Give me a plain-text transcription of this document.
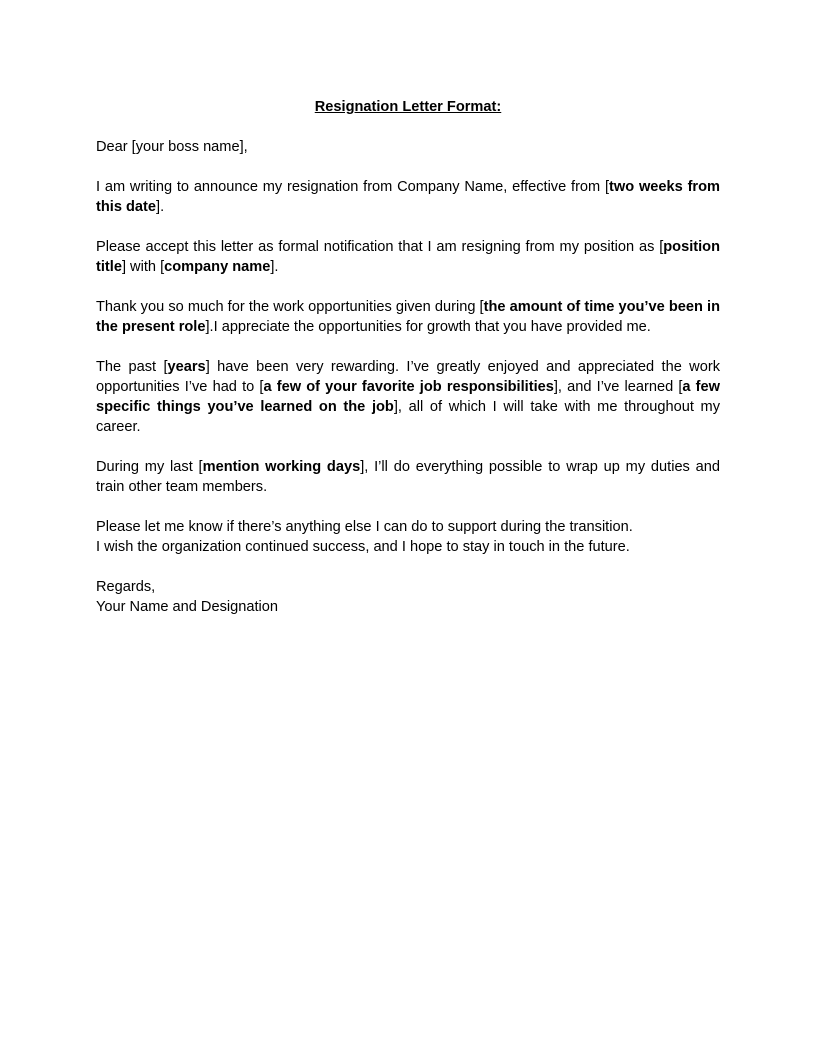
Resignation Letter Format:
Dear [your boss name],
I am writing to announce my resignation from Company Name, effective from [two weeks from this date].
Please accept this letter as formal notification that I am resigning from my position as [position title] with [company name].
Thank you so much for the work opportunities given during [the amount of time you’ve been in the present role].I appreciate the opportunities for growth that you have provided me.
The past [years] have been very rewarding. I’ve greatly enjoyed and appreciated the work opportunities I’ve had to [a few of your favorite job responsibilities], and I’ve learned [a few specific things you’ve learned on the job], all of which I will take with me throughout my career.
During my last [mention working days], I’ll do everything possible to wrap up my duties and train other team members.
Please let me know if there’s anything else I can do to support during the transition.
I wish the organization continued success, and I hope to stay in touch in the future.
Regards,
Your Name and Designation
